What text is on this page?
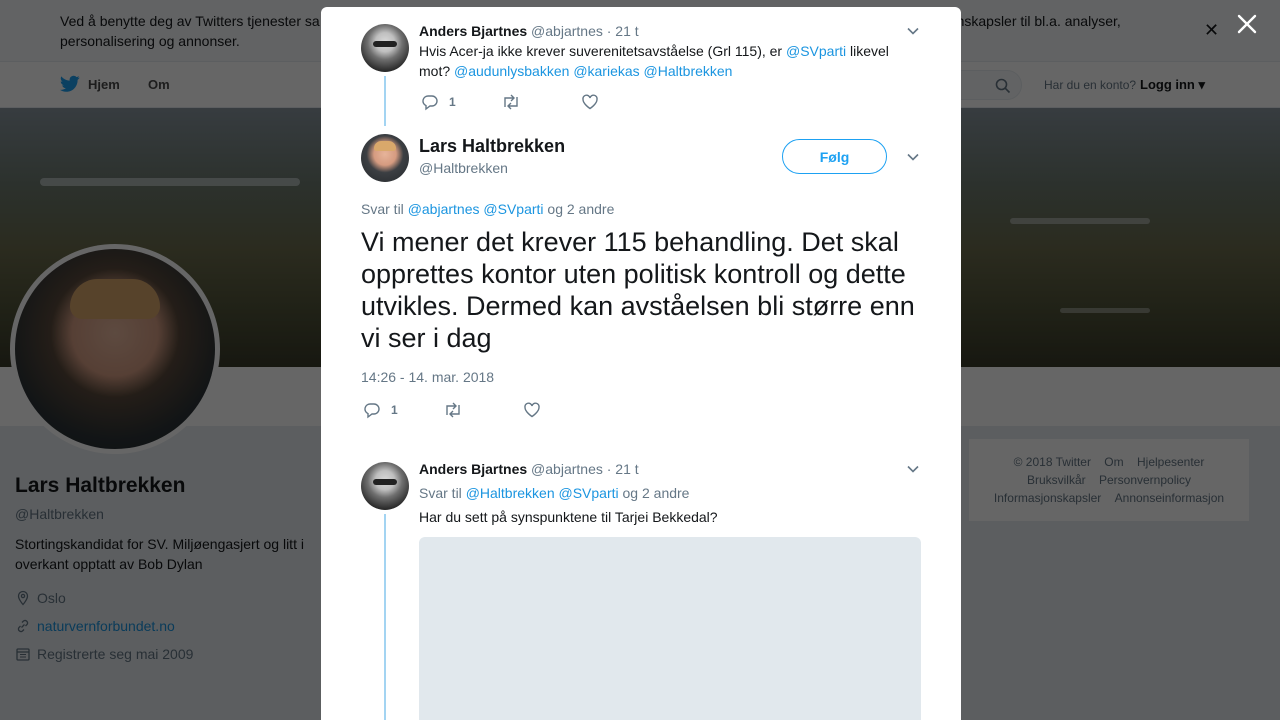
Anders Bjartnes @abjartnes · 21 t
Hvis Acer-ja ikke krever suverenitetsavståelse (Grl 115), er @SVparti likevel mot? @audunlysbakken @kariekas @Haltbrekken
1
Lars Haltbrekken
@Haltbrekken
Følg
Svar til @abjartnes @SVparti og 2 andre
Vi mener det krever 115 behandling. Det skal opprettes kontor uten politisk kontroll og dette utvikles. Dermed kan avståelsen bli større enn vi ser i dag
14:26 - 14. mar. 2018
1
Anders Bjartnes @abjartnes · 21 t
Svar til @Haltbrekken @SVparti og 2 andre
Har du sett på synspunktene til Tarjei Bekkedal?
